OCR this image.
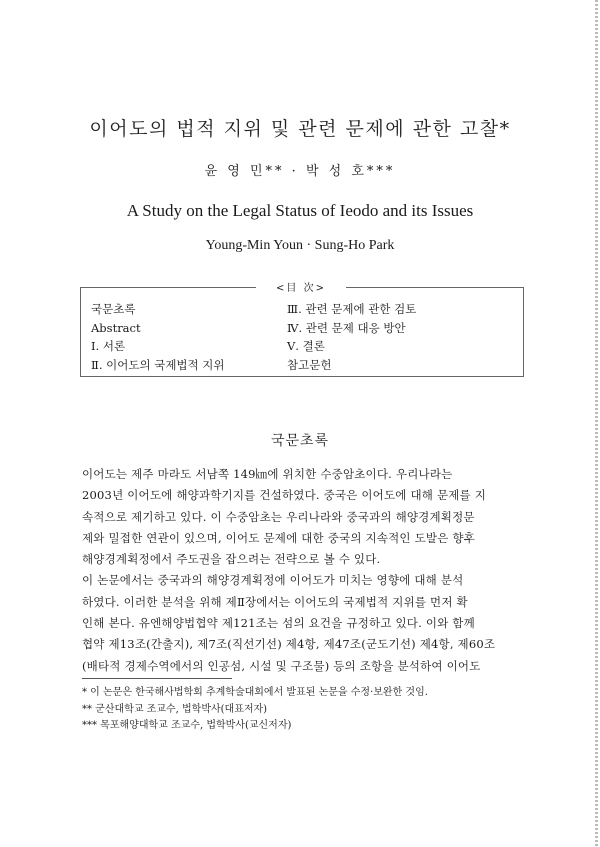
이어도의 법적 지위 및 관련 문제에 관한 고찰*
윤 영 민** · 박 성 호***
A Study on the Legal Status of Ieodo and its Issues
Young-Min Youn · Sung-Ho Park
<目 次>
국문초록
Abstract
Ⅰ. 서론
Ⅱ. 이어도의 국제법적 지위
Ⅲ. 관련 문제에 관한 검토
Ⅳ. 관련 문제 대응 방안
Ⅴ. 결론
참고문헌
국문초록
이어도는 제주 마라도 서남쪽 149㎞에 위치한 수중암초이다. 우리나라는
2003년 이어도에 해양과학기지를 건설하였다. 중국은 이어도에 대해 문제를 지
속적으로 제기하고 있다. 이 수중암초는 우리나라와 중국과의 해양경계획정문
제와 밀접한 연관이 있으며, 이어도 문제에 대한 중국의 지속적인 도발은 향후
해양경계획정에서 주도권을 잡으려는 전략으로 볼 수 있다.
이 논문에서는 중국과의 해양경계획정에 이어도가 미치는 영향에 대해 분석
하였다. 이러한 분석을 위해 제Ⅱ장에서는 이어도의 국제법적 지위를 먼저 확
인해 본다. 유엔해양법협약 제121조는 섬의 요건을 규정하고 있다. 이와 함께
협약 제13조(간출지), 제7조(직선기선) 제4항, 제47조(군도기선) 제4항, 제60조
(배타적 경제수역에서의 인공섬, 시설 및 구조물) 등의 조항을 분석하여 이어도
* 이 논문은 한국해사법학회 추계학술대회에서 발표된 논문을 수정·보완한 것임.
** 군산대학교 조교수, 법학박사(대표저자)
*** 목포해양대학교 조교수, 법학박사(교신저자)
